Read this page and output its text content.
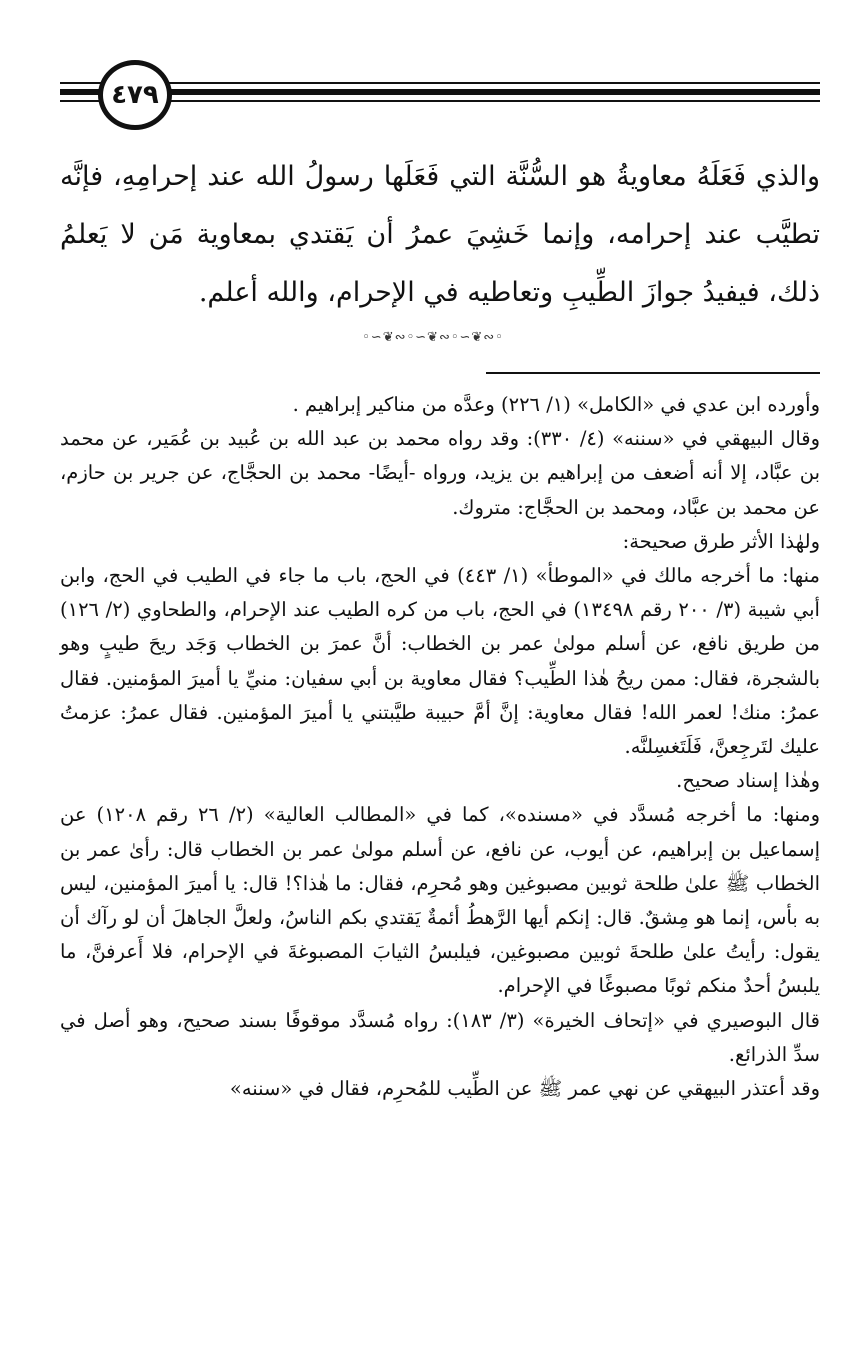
٤٧٩

والذي فَعَلَهُ معاويةُ هو السُّنَّة التي فَعَلَها رسولُ الله عند إحرامِهِ، فإنَّه تطيَّب عند إحرامه، وإنما خَشِيَ عمرُ أن يَقتدي بمعاوية مَن لا يَعلمُ ذلك، فيفيدُ جوازَ الطِّيبِ وتعاطيه في الإحرام، والله أعلم.

◦∽❦∾◦∽❦∾◦∽❦∾◦

وأورده ابن عدي في «الكامل» (١/ ٢٢٦) وعدَّه من مناكير إبراهيم .

وقال البيهقي في «سننه» (٤/ ٣٣٠): وقد رواه محمد بن عبد الله بن عُبيد بن عُمَير، عن محمد بن عبَّاد، إلا أنه أضعف من إبراهيم بن يزيد، ورواه -أيضًا- محمد بن الحجَّاج، عن جرير بن حازم، عن محمد بن عبَّاد، ومحمد بن الحجَّاج: متروك.

ولهٰذا الأثر طرق صحيحة:

منها: ما أخرجه مالك في «الموطأ» (١/ ٤٤٣) في الحج، باب ما جاء في الطيب في الحج، وابن أبي شيبة (٣/ ٢٠٠ رقم ١٣٤٩٨) في الحج، باب من كره الطيب عند الإحرام، والطحاوي (٢/ ١٢٦) من طريق نافع، عن أسلم مولىٰ عمر بن الخطاب: أنَّ عمرَ بن الخطاب وَجَد ريحَ طيبٍ وهو بالشجرة، فقال: ممن ريحُ هٰذا الطِّيب؟ فقال معاوية بن أبي سفيان: منيِّ يا أميرَ المؤمنين. فقال عمرُ: منك! لعمر الله! فقال معاوية: إنَّ أمَّ حبيبة طيَّبتني يا أميرَ المؤمنين. فقال عمرُ: عزمتُ عليك لتَرجِعنَّ، فَلَتَغسِلنَّه.

وهٰذا إسناد صحيح.

ومنها: ما أخرجه مُسدَّد في «مسنده»، كما في «المطالب العالية» (٢/ ٢٦ رقم ١٢٠٨) عن إسماعيل بن إبراهيم، عن أيوب، عن نافع، عن أسلم مولىٰ عمر بن الخطاب قال: رأىٰ عمر بن الخطاب ﷺ علىٰ طلحة ثوبين مصبوغين وهو مُحرِم، فقال: ما هٰذا؟! قال: يا أميرَ المؤمنين، ليس به بأس، إنما هو مِشقٌ. قال: إنكم أيها الرَّهطُ أئمةٌ يَقتدي بكم الناسُ، ولعلَّ الجاهلَ أن لو رآك أن يقول: رأيتُ علىٰ طلحةَ ثوبين مصبوغين، فيلبسُ الثيابَ المصبوغةَ في الإحرام، فلا أَعرفنَّ، ما يلبسُ أحدٌ منكم ثوبًا مصبوغًا في الإحرام.

قال البوصيري في «إتحاف الخيرة» (٣/ ١٨٣): رواه مُسدَّد موقوفًا بسند صحيح، وهو أصل في سدِّ الذرائع.

وقد أعتذر البيهقي عن نهي عمر ﷺ عن الطِّيب للمُحرِم، فقال في «سننه»
